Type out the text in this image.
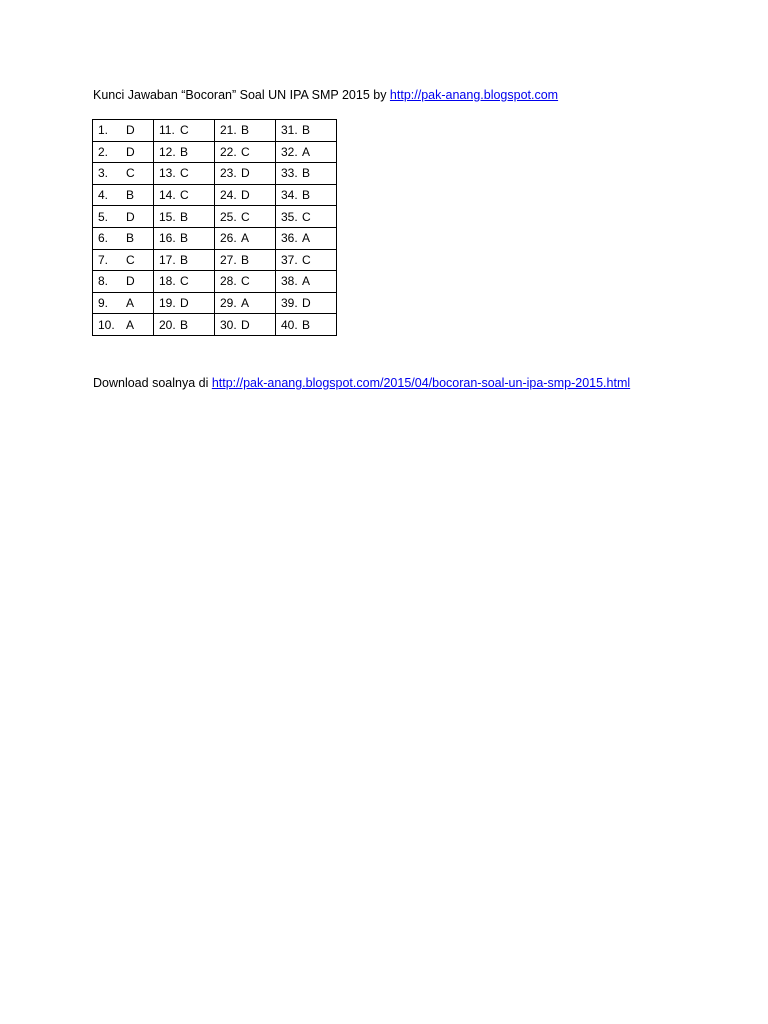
Kunci Jawaban “Bocoran” Soal UN IPA SMP 2015 by http://pak-anang.blogspot.com
1. D	11. C	21. B	31. B
2. D	12. B	22. C	32. A
3. C	13. C	23. D	33. B
4. B	14. C	24. D	34. B
5. D	15. B	25. C	35. C
6. B	16. B	26. A	36. A
7. C	17. B	27. B	37. C
8. D	18. C	28. C	38. A
9. A	19. D	29. A	39. D
10. A	20. B	30. D	40. B
Download soalnya di http://pak-anang.blogspot.com/2015/04/bocoran-soal-un-ipa-smp-2015.html
